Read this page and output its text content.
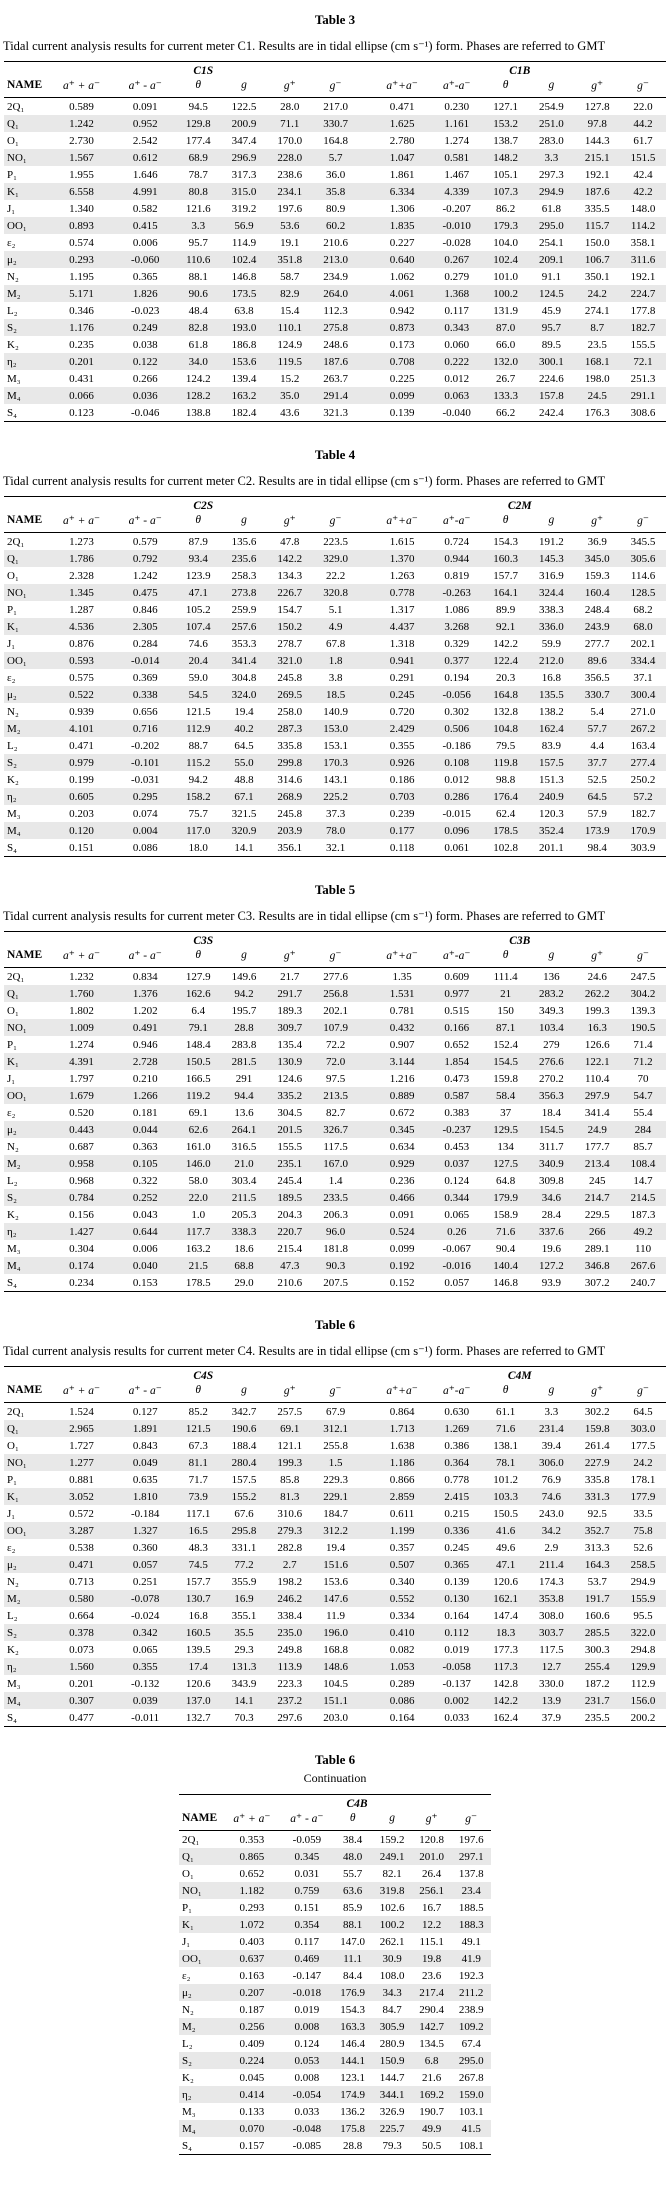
Table 3
Tidal current analysis results for current meter C1. Results are in tidal ellipse (cm s⁻¹) form. Phases are referred to GMT
	C1S							C1B					
NAME	a⁺ + a⁻	a⁺ - a⁻	θ	g	g⁺	g⁻		a⁺+a⁻	a⁺-a⁻	θ	g	g⁺	g⁻
2Q₁	0.589	0.091	94.5	122.5	28.0	217.0		0.471	0.230	127.1	254.9	127.8	22.0
Q₁	1.242	0.952	129.8	200.9	71.1	330.7		1.625	1.161	153.2	251.0	97.8	44.2
O₁	2.730	2.542	177.4	347.4	170.0	164.8		2.780	1.274	138.7	283.0	144.3	61.7
NO₁	1.567	0.612	68.9	296.9	228.0	5.7		1.047	0.581	148.2	3.3	215.1	151.5
P₁	1.955	1.646	78.7	317.3	238.6	36.0		1.861	1.467	105.1	297.3	192.1	42.4
K₁	6.558	4.991	80.8	315.0	234.1	35.8		6.334	4.339	107.3	294.9	187.6	42.2
J₁	1.340	0.582	121.6	319.2	197.6	80.9		1.306	-0.207	86.2	61.8	335.5	148.0
OO₁	0.893	0.415	3.3	56.9	53.6	60.2		1.835	-0.010	179.3	295.0	115.7	114.2
ε₂	0.574	0.006	95.7	114.9	19.1	210.6		0.227	-0.028	104.0	254.1	150.0	358.1
μ₂	0.293	-0.060	110.6	102.4	351.8	213.0		0.640	0.267	102.4	209.1	106.7	311.6
N₂	1.195	0.365	88.1	146.8	58.7	234.9		1.062	0.279	101.0	91.1	350.1	192.1
M₂	5.171	1.826	90.6	173.5	82.9	264.0		4.061	1.368	100.2	124.5	24.2	224.7
L₂	0.346	-0.023	48.4	63.8	15.4	112.3		0.942	0.117	131.9	45.9	274.1	177.8
S₂	1.176	0.249	82.8	193.0	110.1	275.8		0.873	0.343	87.0	95.7	8.7	182.7
K₂	0.235	0.038	61.8	186.8	124.9	248.6		0.173	0.060	66.0	89.5	23.5	155.5
η₂	0.201	0.122	34.0	153.6	119.5	187.6		0.708	0.222	132.0	300.1	168.1	72.1
M₃	0.431	0.266	124.2	139.4	15.2	263.7		0.225	0.012	26.7	224.6	198.0	251.3
M₄	0.066	0.036	128.2	163.2	35.0	291.4		0.099	0.063	133.3	157.8	24.5	291.1
S₄	0.123	-0.046	138.8	182.4	43.6	321.3		0.139	-0.040	66.2	242.4	176.3	308.6
Table 4
Tidal current analysis results for current meter C2. Results are in tidal ellipse (cm s⁻¹) form. Phases are referred to GMT
	C2S							C2M					
NAME	a⁺ + a⁻	a⁺ - a⁻	θ	g	g⁺	g⁻		a⁺+a⁻	a⁺-a⁻	θ	g	g⁺	g⁻
2Q₁	1.273	0.579	87.9	135.6	47.8	223.5		1.615	0.724	154.3	191.2	36.9	345.5
Q₁	1.786	0.792	93.4	235.6	142.2	329.0		1.370	0.944	160.3	145.3	345.0	305.6
O₁	2.328	1.242	123.9	258.3	134.3	22.2		1.263	0.819	157.7	316.9	159.3	114.6
NO₁	1.345	0.475	47.1	273.8	226.7	320.8		0.778	-0.263	164.1	324.4	160.4	128.5
P₁	1.287	0.846	105.2	259.9	154.7	5.1		1.317	1.086	89.9	338.3	248.4	68.2
K₁	4.536	2.305	107.4	257.6	150.2	4.9		4.437	3.268	92.1	336.0	243.9	68.0
J₁	0.876	0.284	74.6	353.3	278.7	67.8		1.318	0.329	142.2	59.9	277.7	202.1
OO₁	0.593	-0.014	20.4	341.4	321.0	1.8		0.941	0.377	122.4	212.0	89.6	334.4
ε₂	0.575	0.369	59.0	304.8	245.8	3.8		0.291	0.194	20.3	16.8	356.5	37.1
μ₂	0.522	0.338	54.5	324.0	269.5	18.5		0.245	-0.056	164.8	135.5	330.7	300.4
N₂	0.939	0.656	121.5	19.4	258.0	140.9		0.720	0.302	132.8	138.2	5.4	271.0
M₂	4.101	0.716	112.9	40.2	287.3	153.0		2.429	0.506	104.8	162.4	57.7	267.2
L₂	0.471	-0.202	88.7	64.5	335.8	153.1		0.355	-0.186	79.5	83.9	4.4	163.4
S₂	0.979	-0.101	115.2	55.0	299.8	170.3		0.926	0.108	119.8	157.5	37.7	277.4
K₂	0.199	-0.031	94.2	48.8	314.6	143.1		0.186	0.012	98.8	151.3	52.5	250.2
η₂	0.605	0.295	158.2	67.1	268.9	225.2		0.703	0.286	176.4	240.9	64.5	57.2
M₃	0.203	0.074	75.7	321.5	245.8	37.3		0.239	-0.015	62.4	120.3	57.9	182.7
M₄	0.120	0.004	117.0	320.9	203.9	78.0		0.177	0.096	178.5	352.4	173.9	170.9
S₄	0.151	0.086	18.0	14.1	356.1	32.1		0.118	0.061	102.8	201.1	98.4	303.9
Table 5
Tidal current analysis results for current meter C3. Results are in tidal ellipse (cm s⁻¹) form. Phases are referred to GMT
	C3S							C3B					
NAME	a⁺ + a⁻	a⁺ - a⁻	θ	g	g⁺	g⁻		a⁺+a⁻	a⁺-a⁻	θ	g	g⁺	g⁻
2Q₁	1.232	0.834	127.9	149.6	21.7	277.6		1.35	0.609	111.4	136	24.6	247.5
Q₁	1.760	1.376	162.6	94.2	291.7	256.8		1.531	0.977	21	283.2	262.2	304.2
O₁	1.802	1.202	6.4	195.7	189.3	202.1		0.781	0.515	150	349.3	199.3	139.3
NO₁	1.009	0.491	79.1	28.8	309.7	107.9		0.432	0.166	87.1	103.4	16.3	190.5
P₁	1.274	0.946	148.4	283.8	135.4	72.2		0.907	0.652	152.4	279	126.6	71.4
K₁	4.391	2.728	150.5	281.5	130.9	72.0		3.144	1.854	154.5	276.6	122.1	71.2
J₁	1.797	0.210	166.5	291	124.6	97.5		1.216	0.473	159.8	270.2	110.4	70
OO₁	1.679	1.266	119.2	94.4	335.2	213.5		0.889	0.587	58.4	356.3	297.9	54.7
ε₂	0.520	0.181	69.1	13.6	304.5	82.7		0.672	0.383	37	18.4	341.4	55.4
μ₂	0.443	0.044	62.6	264.1	201.5	326.7		0.345	-0.237	129.5	154.5	24.9	284
N₂	0.687	0.363	161.0	316.5	155.5	117.5		0.634	0.453	134	311.7	177.7	85.7
M₂	0.958	0.105	146.0	21.0	235.1	167.0		0.929	0.037	127.5	340.9	213.4	108.4
L₂	0.968	0.322	58.0	303.4	245.4	1.4		0.236	0.124	64.8	309.8	245	14.7
S₂	0.784	0.252	22.0	211.5	189.5	233.5		0.466	0.344	179.9	34.6	214.7	214.5
K₂	0.156	0.043	1.0	205.3	204.3	206.3		0.091	0.065	158.9	28.4	229.5	187.3
η₂	1.427	0.644	117.7	338.3	220.7	96.0		0.524	0.26	71.6	337.6	266	49.2
M₃	0.304	0.006	163.2	18.6	215.4	181.8		0.099	-0.067	90.4	19.6	289.1	110
M₄	0.174	0.040	21.5	68.8	47.3	90.3		0.192	-0.016	140.4	127.2	346.8	267.6
S₄	0.234	0.153	178.5	29.0	210.6	207.5		0.152	0.057	146.8	93.9	307.2	240.7
Table 6
Tidal current analysis results for current meter C4. Results are in tidal ellipse (cm s⁻¹) form. Phases are referred to GMT
	C4S							C4M					
NAME	a⁺ + a⁻	a⁺ - a⁻	θ	g	g⁺	g⁻		a⁺+a⁻	a⁺-a⁻	θ	g	g⁺	g⁻
2Q₁	1.524	0.127	85.2	342.7	257.5	67.9		0.864	0.630	61.1	3.3	302.2	64.5
Q₁	2.965	1.891	121.5	190.6	69.1	312.1		1.713	1.269	71.6	231.4	159.8	303.0
O₁	1.727	0.843	67.3	188.4	121.1	255.8		1.638	0.386	138.1	39.4	261.4	177.5
NO₁	1.277	0.049	81.1	280.4	199.3	1.5		1.186	0.364	78.1	306.0	227.9	24.2
P₁	0.881	0.635	71.7	157.5	85.8	229.3		0.866	0.778	101.2	76.9	335.8	178.1
K₁	3.052	1.810	73.9	155.2	81.3	229.1		2.859	2.415	103.3	74.6	331.3	177.9
J₁	0.572	-0.184	117.1	67.6	310.6	184.7		0.611	0.215	150.5	243.0	92.5	33.5
OO₁	3.287	1.327	16.5	295.8	279.3	312.2		1.199	0.336	41.6	34.2	352.7	75.8
ε₂	0.538	0.360	48.3	331.1	282.8	19.4		0.357	0.245	49.6	2.9	313.3	52.6
μ₂	0.471	0.057	74.5	77.2	2.7	151.6		0.507	0.365	47.1	211.4	164.3	258.5
N₂	0.713	0.251	157.7	355.9	198.2	153.6		0.340	0.139	120.6	174.3	53.7	294.9
M₂	0.580	-0.078	130.7	16.9	246.2	147.6		0.552	0.130	162.1	353.8	191.7	155.9
L₂	0.664	-0.024	16.8	355.1	338.4	11.9		0.334	0.164	147.4	308.0	160.6	95.5
S₂	0.378	0.342	160.5	35.5	235.0	196.0		0.410	0.112	18.3	303.7	285.5	322.0
K₂	0.073	0.065	139.5	29.3	249.8	168.8		0.082	0.019	177.3	117.5	300.3	294.8
η₂	1.560	0.355	17.4	131.3	113.9	148.6		1.053	-0.058	117.3	12.7	255.4	129.9
M₃	0.201	-0.132	120.6	343.9	223.3	104.5		0.289	-0.137	142.8	330.0	187.2	112.9
M₄	0.307	0.039	137.0	14.1	237.2	151.1		0.086	0.002	142.2	13.9	231.7	156.0
S₄	0.477	-0.011	132.7	70.3	297.6	203.0		0.164	0.033	162.4	37.9	235.5	200.2
Table 6
Continuation
	C4B					
NAME	a⁺ + a⁻	a⁺ - a⁻	θ	g	g⁺	g⁻
2Q₁	0.353	-0.059	38.4	159.2	120.8	197.6
Q₁	0.865	0.345	48.0	249.1	201.0	297.1
O₁	0.652	0.031	55.7	82.1	26.4	137.8
NO₁	1.182	0.759	63.6	319.8	256.1	23.4
P₁	0.293	0.151	85.9	102.6	16.7	188.5
K₁	1.072	0.354	88.1	100.2	12.2	188.3
J₁	0.403	0.117	147.0	262.1	115.1	49.1
OO₁	0.637	0.469	11.1	30.9	19.8	41.9
ε₂	0.163	-0.147	84.4	108.0	23.6	192.3
μ₂	0.207	-0.018	176.9	34.3	217.4	211.2
N₂	0.187	0.019	154.3	84.7	290.4	238.9
M₂	0.256	0.008	163.3	305.9	142.7	109.2
L₂	0.409	0.124	146.4	280.9	134.5	67.4
S₂	0.224	0.053	144.1	150.9	6.8	295.0
K₂	0.045	0.008	123.1	144.7	21.6	267.8
η₂	0.414	-0.054	174.9	344.1	169.2	159.0
M₃	0.133	0.033	136.2	326.9	190.7	103.1
M₄	0.070	-0.048	175.8	225.7	49.9	41.5
S₄	0.157	-0.085	28.8	79.3	50.5	108.1
